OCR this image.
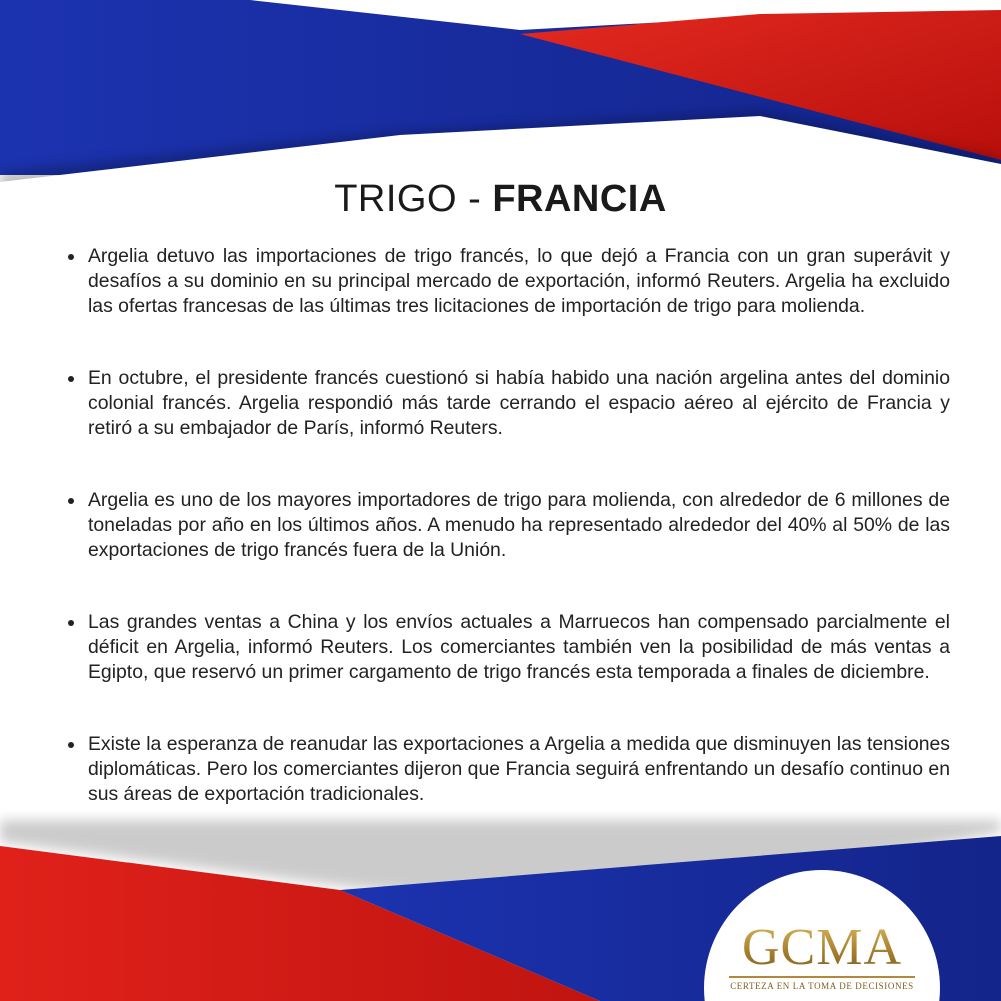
TRIGO - FRANCIA
Argelia detuvo las importaciones de trigo francés, lo que dejó a Francia con un gran superávit y desafíos a su dominio en su principal mercado de exportación, informó Reuters. Argelia ha excluido las ofertas francesas de las últimas tres licitaciones de importación de trigo para molienda.
En octubre, el presidente francés cuestionó si había habido una nación argelina antes del dominio colonial francés. Argelia respondió más tarde cerrando el espacio aéreo al ejército de Francia y retiró a su embajador de París, informó Reuters.
Argelia es uno de los mayores importadores de trigo para molienda, con alrededor de 6 millones de toneladas por año en los últimos años. A menudo ha representado alrededor del 40% al 50% de las exportaciones de trigo francés fuera de la Unión.
Las grandes ventas a China y los envíos actuales a Marruecos han compensado parcialmente el déficit en Argelia, informó Reuters. Los comerciantes también ven la posibilidad de más ventas a Egipto, que reservó un primer cargamento de trigo francés esta temporada a finales de diciembre.
Existe la esperanza de reanudar las exportaciones a Argelia a medida que disminuyen las tensiones diplomáticas. Pero los comerciantes dijeron que Francia seguirá enfrentando un desafío continuo en sus áreas de exportación tradicionales.
GCMA
CERTEZA EN LA TOMA DE DECISIONES
